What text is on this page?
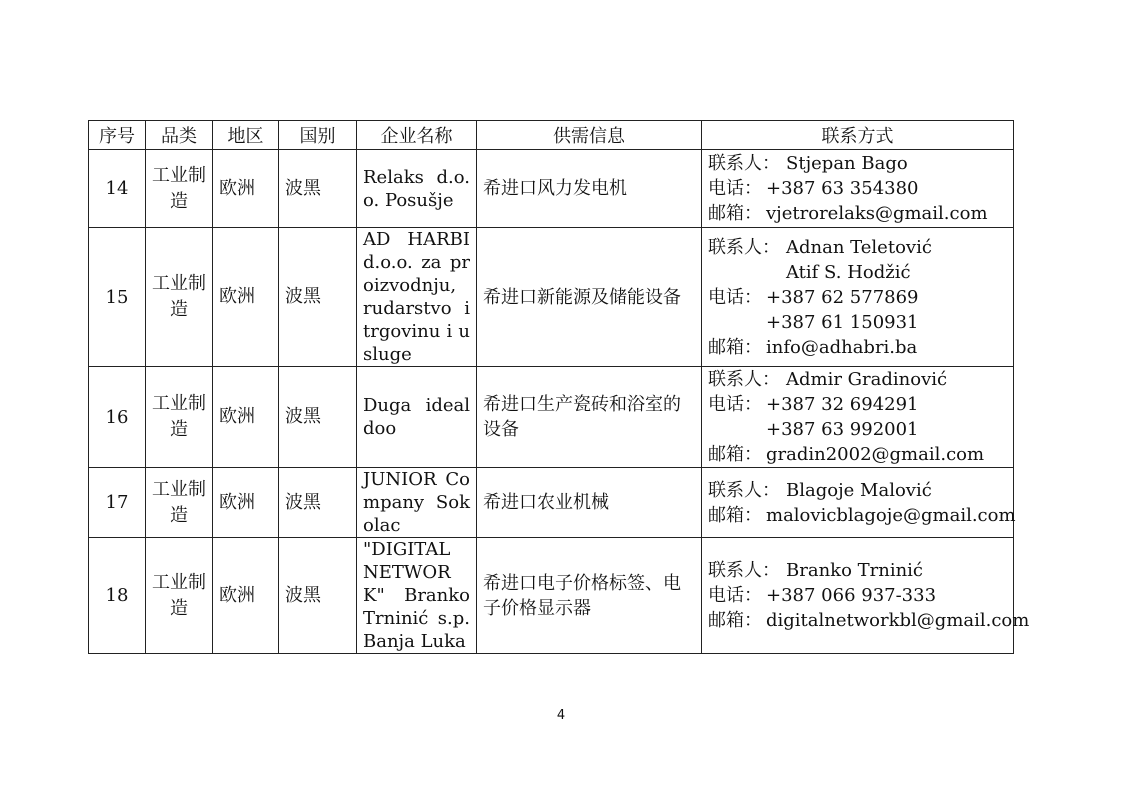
序号	品类	地区	国别	企业名称	供需信息	联系方式
14	工业制造	欧洲	波黑	Relaks d.o.o. Posušje	希进口风力发电机	联系人： Stjepan Bago
电话： +387 63 354380
邮箱： vjetrorelaks@gmail.com

15	工业制造	欧洲	波黑	AD HARBI d.o.o. za proizvodnju, rudarstvo itrgovinu i usluge	希进口新能源及储能设备	联系人： Adnan Teletović
Atif S. Hodžić
电话： +387 62 577869
+387 61 150931
邮箱： info@adhabri.ba

16	工业制造	欧洲	波黑	Duga ideal doo	希进口生产瓷砖和浴室的设备	联系人： Admir Gradinović
电话： +387 32 694291
+387 63 992001
邮箱： gradin2002@gmail.com

17	工业制造	欧洲	波黑	JUNIOR Company Sokolac	希进口农业机械	联系人： Blagoje Malović
邮箱： malovicblagoje@gmail.com

18	工业制造	欧洲	波黑	"DIGITAL NETWORK" Branko Trninić s.p. Banja Luka	希进口电子价格标签、电子价格显示器	联系人： Branko Trninić
电话： +387 066 937-333
邮箱： digitalnetworkbl@gmail.com
4
